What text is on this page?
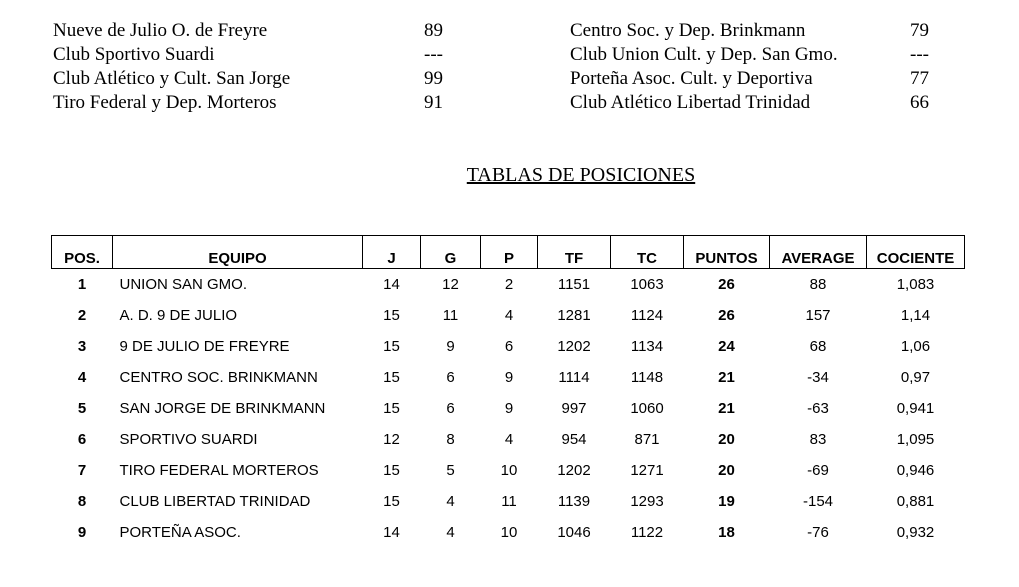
Nueve de Julio O. de Freyre	89
Club Sportivo Suardi	---
Club Atlético y Cult. San Jorge	99
Tiro Federal y Dep. Morteros	91
Centro Soc. y Dep. Brinkmann	79
Club Union Cult. y Dep. San Gmo.	---
Porteña Asoc. Cult. y Deportiva	77
Club Atlético Libertad Trinidad	66
TABLAS DE POSICIONES
POS.	EQUIPO	J	G	P	TF	TC	PUNTOS	AVERAGE	COCIENTE
1	UNION SAN GMO.	14	12	2	1151	1063	26	88	1,083
2	A. D. 9 DE JULIO	15	11	4	1281	1124	26	157	1,14
3	9 DE JULIO DE FREYRE	15	9	6	1202	1134	24	68	1,06
4	CENTRO SOC. BRINKMANN	15	6	9	1114	1148	21	-34	0,97
5	SAN JORGE DE BRINKMANN	15	6	9	997	1060	21	-63	0,941
6	SPORTIVO SUARDI	12	8	4	954	871	20	83	1,095
7	TIRO FEDERAL MORTEROS	15	5	10	1202	1271	20	-69	0,946
8	CLUB LIBERTAD TRINIDAD	15	4	11	1139	1293	19	-154	0,881
9	PORTEÑA ASOC.	14	4	10	1046	1122	18	-76	0,932
